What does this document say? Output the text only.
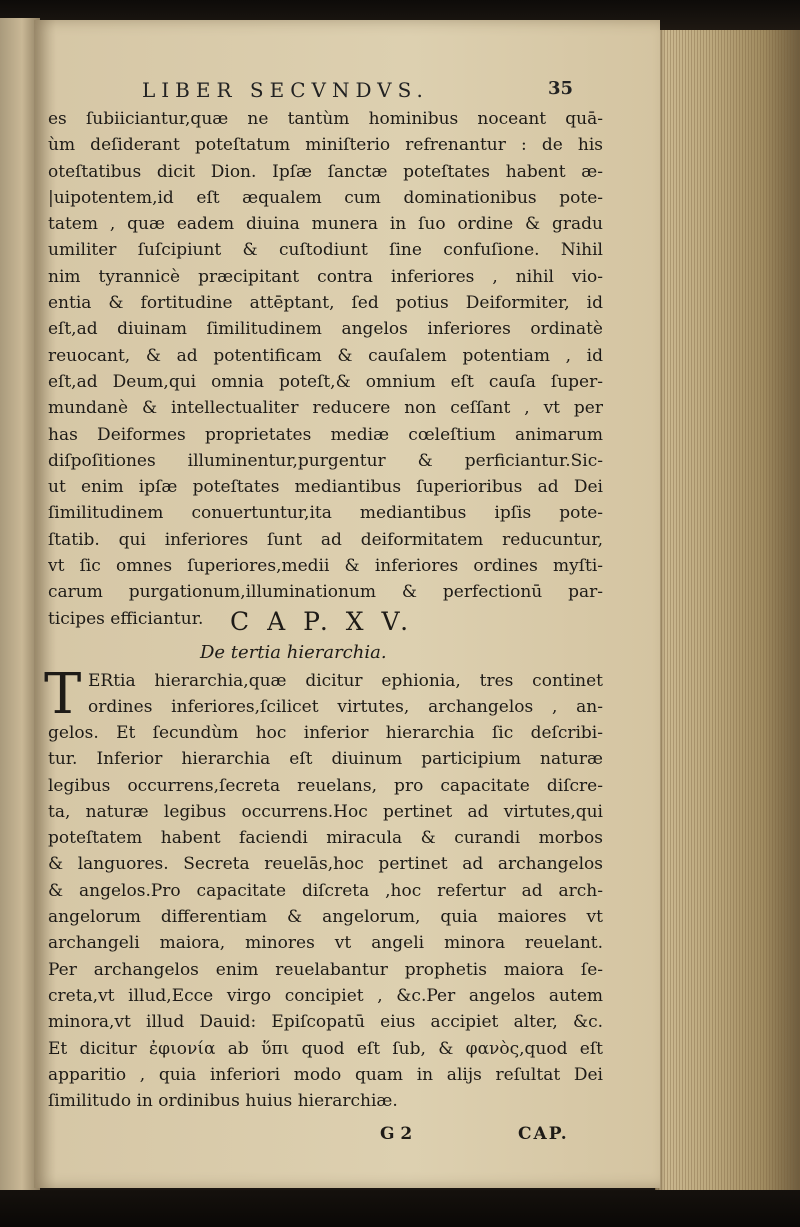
LIBER SECVNDVS.	35
es ſubiiciantur,quæ ne tantùm hominibus noceant quā-
ùm deſiderant poteſtatum miniſterio refrenantur : de his
oteſtatibus dicit Dion. Ipſæ ſanctæ poteſtates habent æ-
|uipotentem,id eſt æqualem cum dominationibus pote-
tatem , quæ eadem diuina munera in ſuo ordine & gradu
umiliter ſuſcipiunt & cuſtodiunt ſine confuſione. Nihil
nim tyrannicè præcipitant contra inferiores , nihil vio-
entia & fortitudine attēptant, ſed potius Deiformiter, id
eſt,ad diuinam ſimilitudinem angelos inferiores ordinatè
reuocant, & ad potentificam & cauſalem potentiam , id
eſt,ad Deum,qui omnia poteſt,& omnium eſt cauſa ſuper-
mundanè & intellectualiter reducere non ceſſant , vt per
has Deiformes proprietates mediæ cœleſtium animarum
diſpoſitiones illuminentur,purgentur & perficiantur.Sic-
ut enim ipſæ poteſtates mediantibus ſuperioribus ad Dei
ſimilitudinem conuertuntur,ita mediantibus ipſis pote-
ſtatib. qui inferiores ſunt ad deiformitatem reducuntur,
vt ſic omnes ſuperiores,medii & inferiores ordines myſti-
carum purgationum,illuminationum & perfectionū par-
ticipes efficiantur.	C A P. X V.
De tertia hierarchia.
T ERtia hierarchia,quæ dicitur ephionia, tres continet
ordines inferiores,ſcilicet virtutes, archangelos , an-
gelos. Et ſecundùm hoc inferior hierarchia ſic deſcribi-
tur. Inferior hierarchia eſt diuinum participium naturæ
legibus occurrens,ſecreta reuelans, pro capacitate diſcre-
ta, naturæ legibus occurrens.Hoc pertinet ad virtutes,qui
poteſtatem habent faciendi miracula & curandi morbos
& languores. Secreta reuelās,hoc pertinet ad archangelos
& angelos.Pro capacitate diſcreta ,hoc refertur ad arch-
angelorum differentiam & angelorum, quia maiores vt
archangeli maiora, minores vt angeli minora reuelant.
Per archangelos enim reuelabantur prophetis maiora ſe-
creta,vt illud,Ecce virgo concipiet , &c.Per angelos autem
minora,vt illud Dauid: Epiſcopatū eius accipiet alter, &c.
Et dicitur ἐφιονία ab ὕπι quod eſt ſub, & φανὸς,quod eſt
apparitio , quia inferiori modo quam in alijs reſultat Dei
ſimilitudo in ordinibus huius hierarchiæ.
G 2	CAP.
